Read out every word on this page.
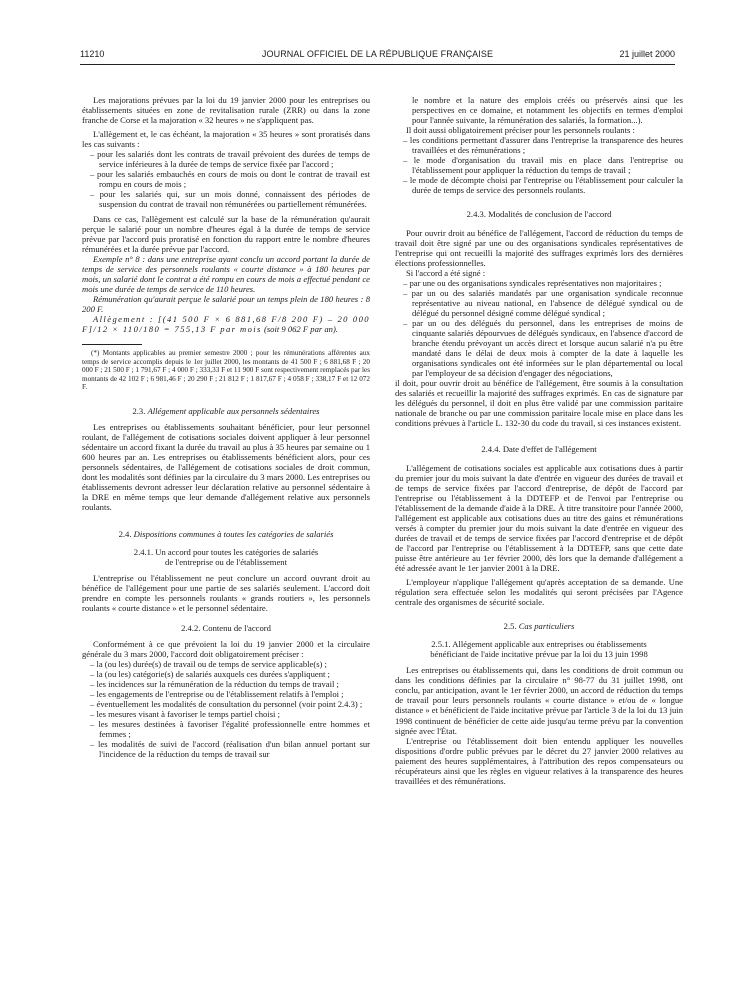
11210	JOURNAL OFFICIEL DE LA RÉPUBLIQUE FRANÇAISE	21 juillet 2000

Les majorations prévues par la loi du 19 janvier 2000 pour les entreprises ou établissements situées en zone de revitalisation rurale (ZRR) ou dans la zone franche de Corse et la majoration « 32 heures » ne s'appliquent pas.

L'allègement et, le cas échéant, la majoration « 35 heures » sont proratisés dans les cas suivants :

– pour les salariés dont les contrats de travail prévoient des durées de temps de service inférieures à la durée de temps de service fixée par l'accord ;
– pour les salariés embauchés en cours de mois ou dont le contrat de travail est rompu en cours de mois ;
– pour les salariés qui, sur un mois donné, connaissent des périodes de suspension du contrat de travail non rémunérées ou partiellement rémunérées.

Dans ce cas, l'allègement est calculé sur la base de la rémunération qu'aurait perçue le salarié pour un nombre d'heures égal à la durée de temps de service prévue par l'accord puis proratisé en fonction du rapport entre le nombre d'heures rémunérées et la durée prévue par l'accord.

Exemple n° 8 : dans une entreprise ayant conclu un accord portant la durée de temps de service des personnels roulants « courte distance » à 180 heures par mois, un salarié dont le contrat a été rompu en cours de mois a effectué pendant ce mois une durée de temps de service de 110 heures.

Rémunération qu'aurait perçue le salarié pour un temps plein de 180 heures : 8 200 F.

Allègement : [(41 500 F × 6 881,68 F/8 200 F) – 20 000 F]/12 × 110/180 = 755,13 F par mois (soit 9 062 F par an).

(*) Montants applicables au premier semestre 2000 ; pour les rémunérations afférentes aux temps de service accomplis depuis le 1er juillet 2000, les montants de 41 500 F ; 6 881,68 F ; 20 000 F ; 21 500 F ; 1 791,67 F ; 4 000 F ; 333,33 F et 11 900 F sont respectivement remplacés par les montants de 42 102 F ; 6 981,46 F ; 20 290 F ; 21 812 F ; 1 817,67 F ; 4 058 F ; 338,17 F et 12 072 F.

2.3. Allégement applicable aux personnels sédentaires

Les entreprises ou établissements souhaitant bénéficier, pour leur personnel roulant, de l'allégement de cotisations sociales doivent appliquer à leur personnel sédentaire un accord fixant la durée du travail au plus à 35 heures par semaine ou 1 600 heures par an. Les entreprises ou établissements bénéficient alors, pour ces personnels sédentaires, de l'allégement de cotisations sociales de droit commun, dont les modalités sont définies par la circulaire du 3 mars 2000. Les entreprises ou établissements devront adresser leur déclaration relative au personnel sédentaire à la DRE en même temps que leur demande d'allégement relative aux personnels roulants.

2.4. Dispositions communes à toutes les catégories de salariés
2.4.1. Un accord pour toutes les catégories de salariés
de l'entreprise ou de l'établissement

L'entreprise ou l'établissement ne peut conclure un accord ouvrant droit au bénéfice de l'allégement pour une partie de ses salariés seulement. L'accord doit prendre en compte les personnels roulants « grands routiers », les personnels roulants « courte distance » et le personnel sédentaire.

2.4.2. Contenu de l'accord

Conformément à ce que prévoient la loi du 19 janvier 2000 et la circulaire générale du 3 mars 2000, l'accord doit obligatoirement préciser :

– la (ou les) durée(s) de travail ou de temps de service applicable(s) ;
– la (ou les) catégorie(s) de salariés auxquels ces durées s'appliquent ;
– les incidences sur la rémunération de la réduction du temps de travail ;
– les engagements de l'entreprise ou de l'établissement relatifs à l'emploi ;
– éventuellement les modalités de consultation du personnel (voir point 2.4.3) ;
– les mesures visant à favoriser le temps partiel choisi ;
– les mesures destinées à favoriser l'égalité professionnelle entre hommes et femmes ;
– les modalités de suivi de l'accord (réalisation d'un bilan annuel portant sur l'incidence de la réduction du temps de travail sur

le nombre et la nature des emplois créés ou préservés ainsi que les perspectives en ce domaine, et notamment les objectifs en termes d'emploi pour l'année suivante, la rémunération des salariés, la formation...).

Il doit aussi obligatoirement préciser pour les personnels roulants :

– les conditions permettant d'assurer dans l'entreprise la transparence des heures travaillées et des rémunérations ;
– le mode d'organisation du travail mis en place dans l'entreprise ou l'établissement pour appliquer la réduction du temps de travail ;
– le mode de décompte choisi par l'entreprise ou l'établissement pour calculer la durée de temps de service des personnels roulants.
2.4.3. Modalités de conclusion de l'accord

Pour ouvrir droit au bénéfice de l'allégement, l'accord de réduction du temps de travail doit être signé par une ou des organisations syndicales représentatives de l'entreprise qui ont recueilli la majorité des suffrages exprimés lors des dernières élections professionnelles.

Si l'accord a été signé :

– par une ou des organisations syndicales représentatives non majoritaires ;
– par un ou des salariés mandatés par une organisation syndicale reconnue représentative au niveau national, en l'absence de délégué syndical ou de délégué du personnel désigné comme délégué syndical ;
– par un ou des délégués du personnel, dans les entreprises de moins de cinquante salariés dépourvues de délégués syndicaux, en l'absence d'accord de branche étendu prévoyant un accès direct et lorsque aucun salarié n'a pu être mandaté dans le délai de deux mois à compter de la date à laquelle les organisations syndicales ont été informées sur le plan départemental ou local par l'employeur de sa décision d'engager des négociations,

il doit, pour ouvrir droit au bénéfice de l'allégement, être soumis à la consultation des salariés et recueillir la majorité des suffrages exprimés. En cas de signature par les délégués du personnel, il doit en plus être validé par une commission paritaire nationale de branche ou par une commission paritaire locale mise en place dans les conditions prévues à l'article L. 132-30 du code du travail, si ces instances existent.

2.4.4. Date d'effet de l'allégement

L'allégement de cotisations sociales est applicable aux cotisations dues à partir du premier jour du mois suivant la date d'entrée en vigueur des durées de travail et de temps de service fixées par l'accord d'entreprise, de dépôt de l'accord par l'entreprise ou l'établissement à la DDTEFP et de l'envoi par l'entreprise ou l'établissement de la demande d'aide à la DRE. À titre transitoire pour l'année 2000, l'allégement est applicable aux cotisations dues au titre des gains et rémunérations versés à compter du premier jour du mois suivant la date d'entrée en vigueur des durées de travail et de temps de service fixées par l'accord d'entreprise et de dépôt de l'accord par l'entreprise ou l'établissement à la DDTEFP, sans que cette date puisse être antérieure au 1er février 2000, dès lors que la demande d'allégement a été adressée avant le 1er janvier 2001 à la DRE.

L'employeur n'applique l'allégement qu'après acceptation de sa demande. Une régulation sera effectuée selon les modalités qui seront précisées par l'Agence centrale des organismes de sécurité sociale.

2.5. Cas particuliers
2.5.1. Allégement applicable aux entreprises ou établissements
bénéficiant de l'aide incitative prévue par la loi du 13 juin 1998

Les entreprises ou établissements qui, dans les conditions de droit commun ou dans les conditions définies par la circulaire n° 98-77 du 31 juillet 1998, ont conclu, par anticipation, avant le 1er février 2000, un accord de réduction du temps de travail pour leurs personnels roulants « courte distance » et/ou de « longue distance » et bénéficient de l'aide incitative prévue par l'article 3 de la loi du 13 juin 1998 continuent de bénéficier de cette aide jusqu'au terme prévu par la convention signée avec l'État.

L'entreprise ou l'établissement doit bien entendu appliquer les nouvelles dispositions d'ordre public prévues par le décret du 27 janvier 2000 relatives au paiement des heures supplémentaires, à l'attribution des repos compensateurs ou récupérateurs ainsi que les règles en vigueur relatives à la transparence des heures travaillées et des rémunérations.
